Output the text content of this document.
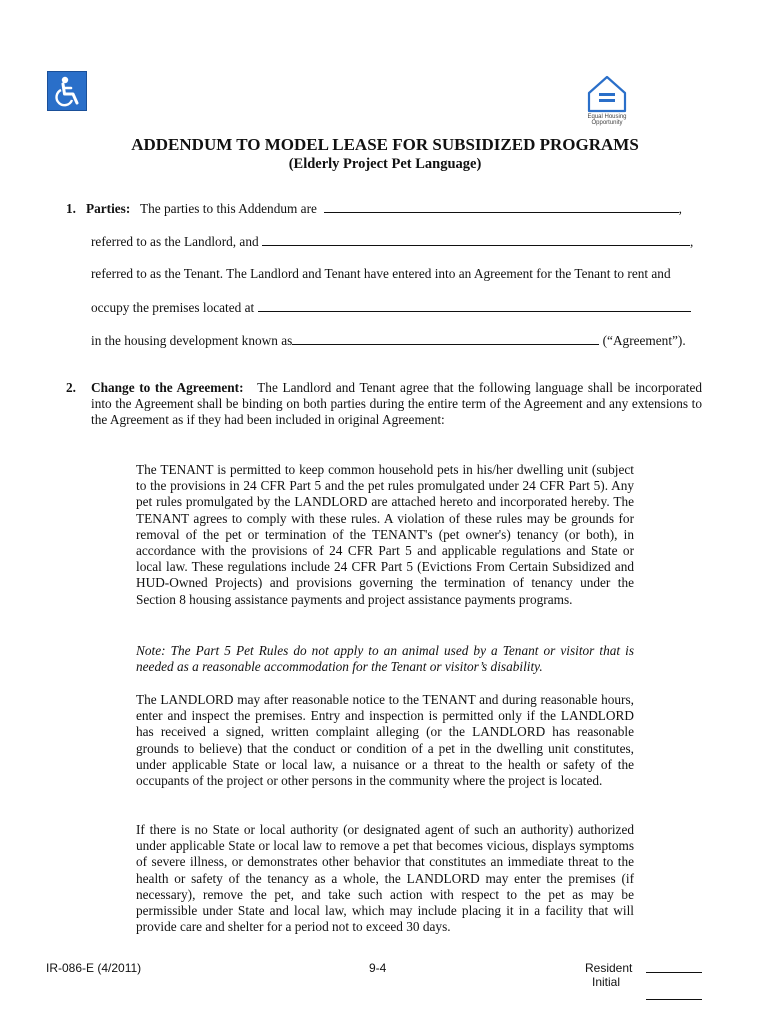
Equal Housing
Opportunity
ADDENDUM TO MODEL LEASE FOR SUBSIDIZED PROGRAMS
(Elderly Project Pet Language)
1. Parties: The parties to this Addendum are	,
referred to as the Landlord, and	,
referred to as the Tenant. The Landlord and Tenant have entered into an Agreement for the Tenant to rent and
occupy the premises located at
in the housing development known as	(“Agreement”).
2. Change to the Agreement: The Landlord and Tenant agree that the following language shall be incorporated into the Agreement shall be binding on both parties during the entire term of the Agreement and any extensions to the Agreement as if they had been included in original Agreement:
The TENANT is permitted to keep common household pets in his/her dwelling unit (subject to the provisions in 24 CFR Part 5 and the pet rules promulgated under 24 CFR Part 5). Any pet rules promulgated by the LANDLORD are attached hereto and incorporated hereby. The TENANT agrees to comply with these rules. A violation of these rules may be grounds for removal of the pet or termination of the TENANT's (pet owner's) tenancy (or both), in accordance with the provisions of 24 CFR Part 5 and applicable regulations and State or local law. These regulations include 24 CFR Part 5 (Evictions From Certain Subsidized and HUD-Owned Projects) and provisions governing the termination of tenancy under the Section 8 housing assistance payments and project assistance payments programs.
Note: The Part 5 Pet Rules do not apply to an animal used by a Tenant or visitor that is needed as a reasonable accommodation for the Tenant or visitor’s disability.
The LANDLORD may after reasonable notice to the TENANT and during reasonable hours, enter and inspect the premises. Entry and inspection is permitted only if the LANDLORD has received a signed, written complaint alleging (or the LANDLORD has reasonable grounds to believe) that the conduct or condition of a pet in the dwelling unit constitutes, under applicable State or local law, a nuisance or a threat to the health or safety of the occupants of the project or other persons in the community where the project is located.
If there is no State or local authority (or designated agent of such an authority) authorized under applicable State or local law to remove a pet that becomes vicious, displays symptoms of severe illness, or demonstrates other behavior that constitutes an immediate threat to the health or safety of the tenancy as a whole, the LANDLORD may enter the premises (if necessary), remove the pet, and take such action with respect to the pet as may be permissible under State and local law, which may include placing it in a facility that will provide care and shelter for a period not to exceed 30 days.
IR-086-E (4/2011)	9-4	Resident
Initial
